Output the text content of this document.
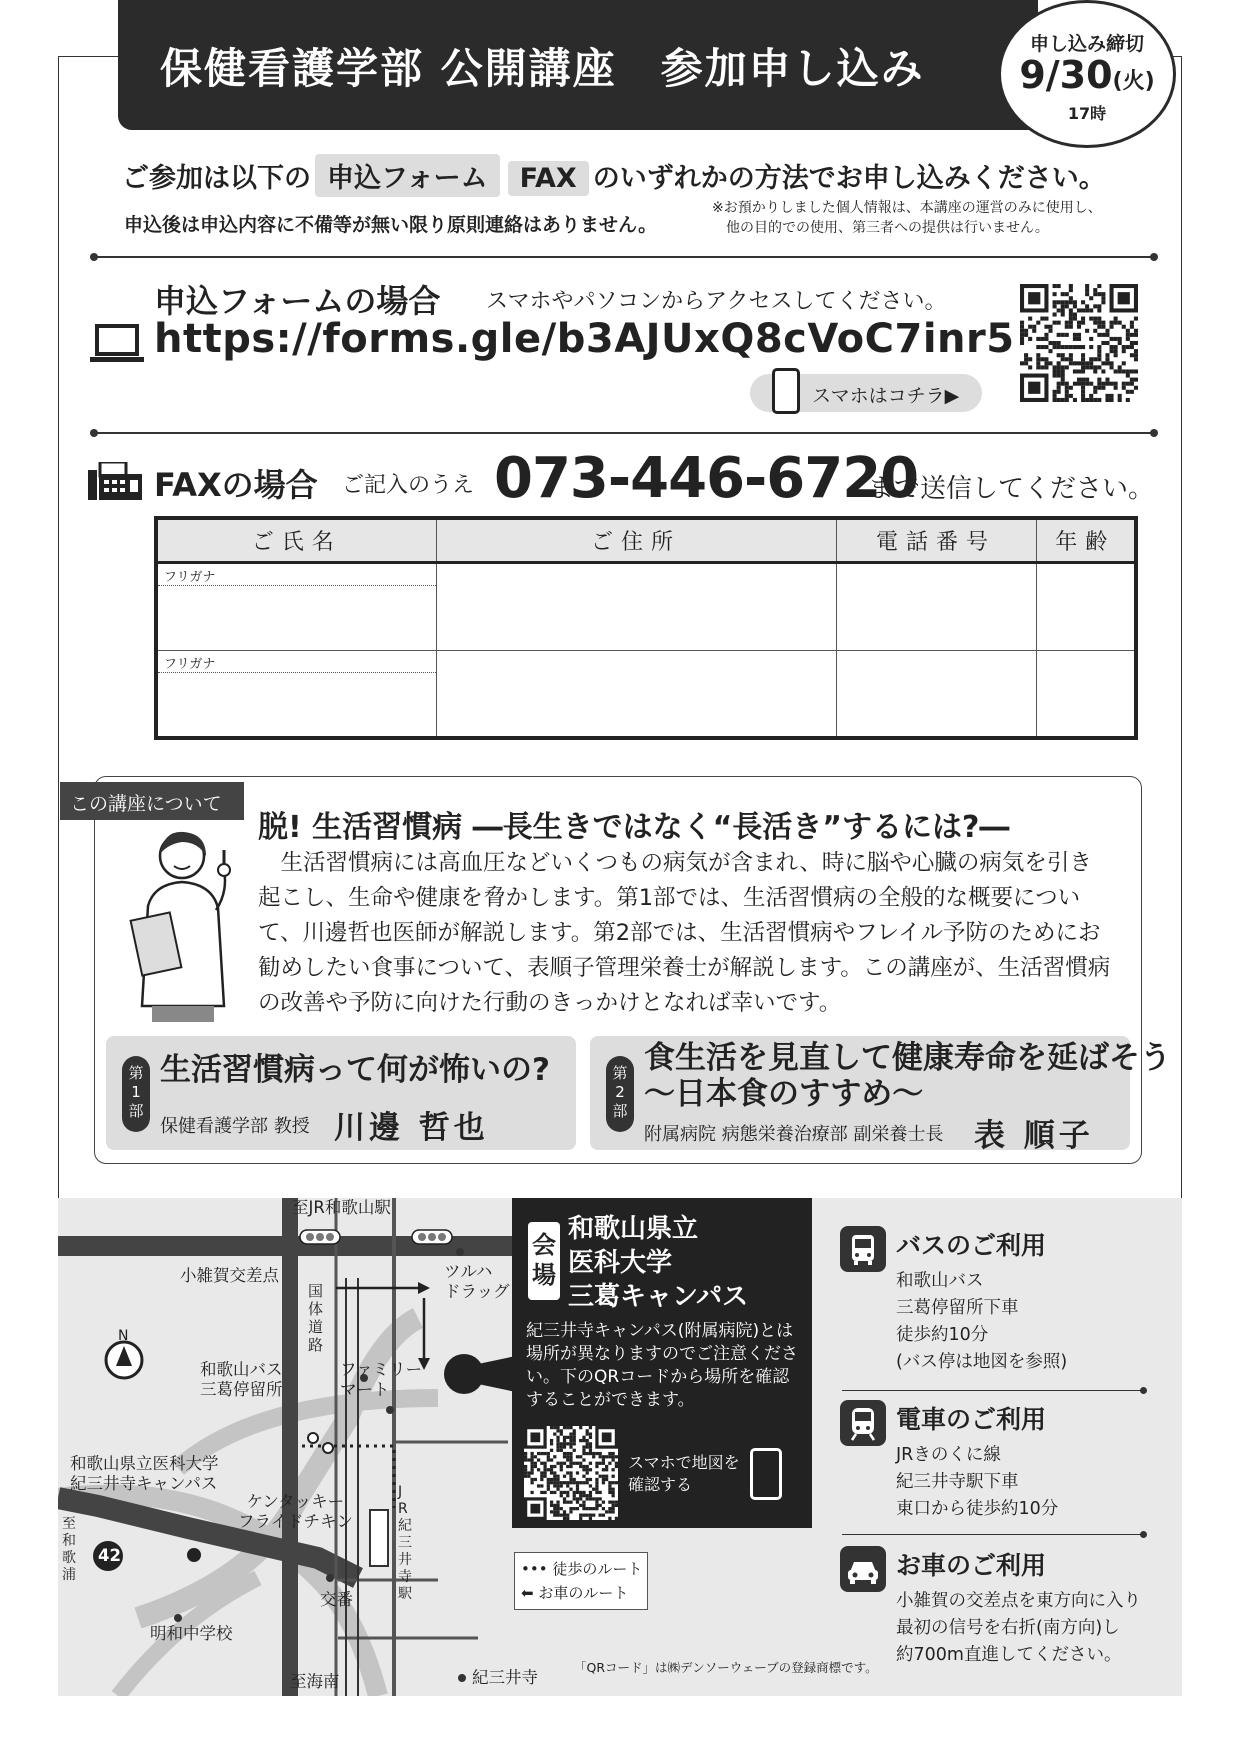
保健看護学部 公開講座　参加申し込み	申し込み締切
9/30(火)
17時
ご参加は以下の 申込フォーム FAX のいずれかの方法でお申し込みください。
申込後は申込内容に不備等が無い限り原則連絡はありません。
※お預かりしました個人情報は、本講座の運営のみに使用し、
他の目的での使用、第三者への提供は行いません。
申込フォームの場合 スマホやパソコンからアクセスしてください。
https://forms.gle/b3AJUxQ8cVoC7inr5
スマホはコチラ▶
FAXの場合 ご記入のうえ 073-446-6720
まで送信してください。
ご氏名	ご住所	電話番号	年齢

フリガナ			

フリガナ			

この講座について
脱! 生活習慣病 ―長生きではなく“長活き”するには?―
　生活習慣病には高血圧などいくつもの病気が含まれ、時に脳や心臓の病気を引き起こし、生命や健康を脅かします。第1部では、生活習慣病の全般的な概要について、川邊哲也医師が解説します。第2部では、生活習慣病やフレイル予防のためにお勧めしたい食事について、表順子管理栄養士が解説します。この講座が、生活習慣病の改善や予防に向けた行動のきっかけとなれば幸いです。
第
1
部
生活習慣病って何が怖いの?
保健看護学部 教授 川邊 哲也
第
2
部
食生活を見直して健康寿命を延ばそう
〜日本食のすすめ〜
附属病院 病態栄養治療部 副栄養士長 表 順子
42
N
至JR和歌山駅
小雑賀交差点	ツルハ
ドラッグ
国
体
道
路
ファミリー
マート
和歌山バス
三葛停留所
和歌山県立医科大学
紀三井寺キャンパス
ケンタッキー
フライドチキン
至
和
歌
浦
J
R
紀
三
井
寺
駅
交番
明和中学校
至海南	紀三井寺
会
場
和歌山県立
医科大学
三葛キャンパス
紀三井寺キャンパス(附属病院)とは場所が異なりますのでご注意ください。下のQRコードから場所を確認することができます。
スマホで地図を
確認する
••• 徒歩のルート
⬅ お車のルート
「QRコード」は㈱デンソーウェーブの登録商標です。
バスのご利用
和歌山バス
三葛停留所下車
徒歩約10分
(バス停は地図を参照)
電車のご利用
JRきのくに線
紀三井寺駅下車
東口から徒歩約10分
お車のご利用
小雑賀の交差点を東方向に入り
最初の信号を右折(南方向)し
約700m直進してください。
